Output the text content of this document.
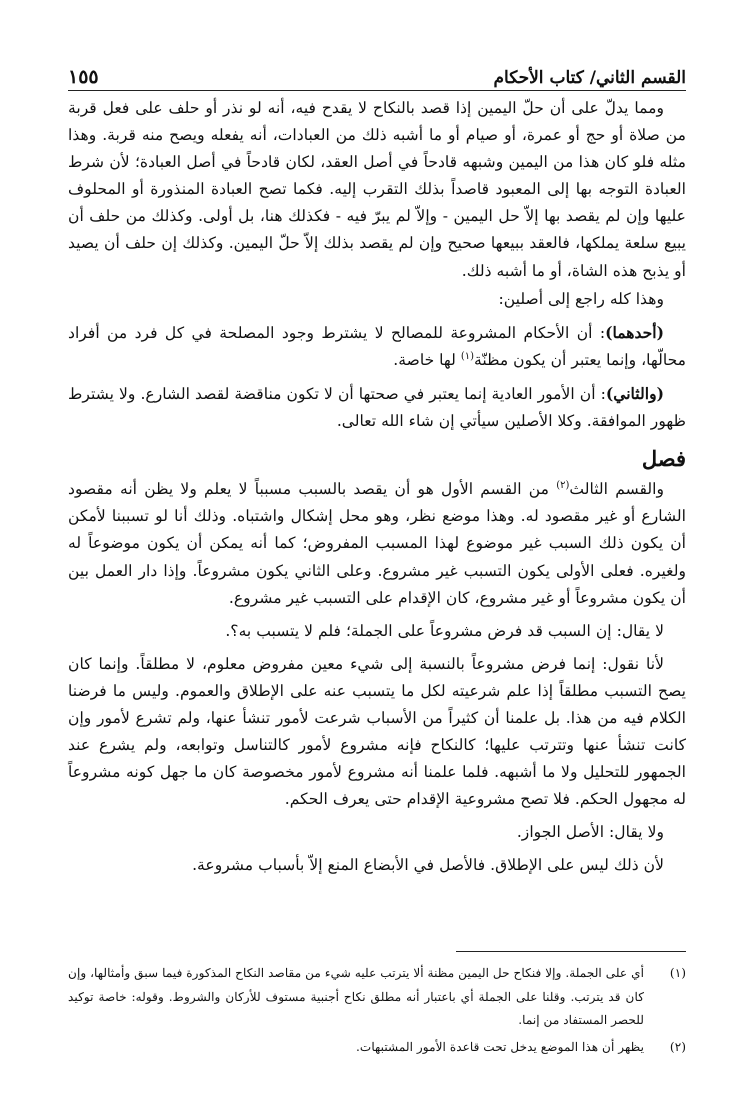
القسم الثاني/ كتاب الأحكام
١٥٥

ومما يدلّ على أن حلّ اليمين إذا قصد بالنكاح لا يقدح فيه، أنه لو نذر أو حلف على فعل قربة من صلاة أو حج أو عمرة، أو صيام أو ما أشبه ذلك من العبادات، أنه يفعله ويصح منه قربة. وهذا مثله فلو كان هذا من اليمين وشبهه قادحاً في أصل العقد، لكان قادحاً في أصل العبادة؛ لأن شرط العبادة التوجه بها إلى المعبود قاصداً بذلك التقرب إليه. فكما تصح العبادة المنذورة أو المحلوف عليها وإن لم يقصد بها إلاّ حل اليمين - وإلاّ لم يبرّ فيه - فكذلك هنا، بل أولى. وكذلك من حلف أن يبيع سلعة يملكها، فالعقد ببيعها صحيح وإن لم يقصد بذلك إلاّ حلّ اليمين. وكذلك إن حلف أن يصيد أو يذبح هذه الشاة، أو ما أشبه ذلك.

وهذا كله راجع إلى أصلين:

(أحدهما): أن الأحكام المشروعة للمصالح لا يشترط وجود المصلحة في كل فرد من أفراد محالّها، وإنما يعتبر أن يكون مظنّة$^{(١)}$ لها خاصة.

(والثاني): أن الأمور العادية إنما يعتبر في صحتها أن لا تكون مناقضة لقصد الشارع. ولا يشترط ظهور الموافقة. وكلا الأصلين سيأتي إن شاء الله تعالى.

فصل

والقسم الثالث$^{(٢)}$ من القسم الأول هو أن يقصد بالسبب مسبباً لا يعلم ولا يظن أنه مقصود الشارع أو غير مقصود له. وهذا موضع نظر، وهو محل إشكال واشتباه. وذلك أنا لو تسببنا لأمكن أن يكون ذلك السبب غير موضوع لهذا المسبب المفروض؛ كما أنه يمكن أن يكون موضوعاً له ولغيره. فعلى الأولى يكون التسبب غير مشروع. وعلى الثاني يكون مشروعاً. وإذا دار العمل بين أن يكون مشروعاً أو غير مشروع، كان الإقدام على التسبب غير مشروع.

لا يقال: إن السبب قد فرض مشروعاً على الجملة؛ فلم لا يتسبب به؟.

لأنا نقول: إنما فرض مشروعاً بالنسبة إلى شيء معين مفروض معلوم، لا مطلقاً. وإنما كان يصح التسبب مطلقاً إذا علم شرعيته لكل ما يتسبب عنه على الإطلاق والعموم. وليس ما فرضنا الكلام فيه من هذا. بل علمنا أن كثيراً من الأسباب شرعت لأمور تنشأ عنها، ولم تشرع لأمور وإن كانت تنشأ عنها وتترتب عليها؛ كالنكاح فإنه مشروع لأمور كالتناسل وتوابعه، ولم يشرع عند الجمهور للتحليل ولا ما أشبهه. فلما علمنا أنه مشروع لأمور مخصوصة كان ما جهل كونه مشروعاً له مجهول الحكم. فلا تصح مشروعية الإقدام حتى يعرف الحكم.

ولا يقال: الأصل الجواز.

لأن ذلك ليس على الإطلاق. فالأصل في الأبضاع المنع إلاّ بأسباب مشروعة.

(١)
أي على الجملة. وإلا فنكاح حل اليمين مظنة ألا يترتب عليه شيء من مقاصد النكاح المذكورة فيما سبق وأمثالها، وإن كان قد يترتب. وقلنا على الجملة أي باعتبار أنه مطلق نكاح أجنبية مستوف للأركان والشروط. وقوله: خاصة توكيد للحصر المستفاد من إنما.
(٢)
يظهر أن هذا الموضع يدخل تحت قاعدة الأمور المشتبهات.
